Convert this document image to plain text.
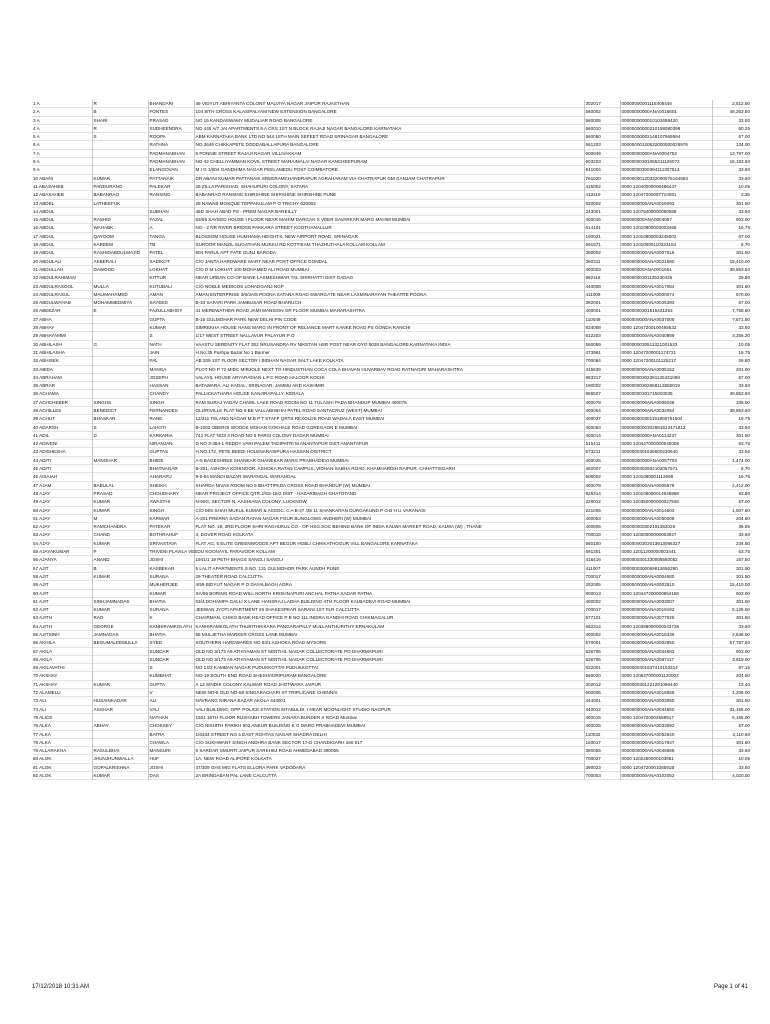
1 A	R	BHANDARI	49 VIDYUT ABHIYANTA COLONY MALVIYA NAGAR JAIPUR RAJASTHAN	302017	00000000001118405445	2,512.50
2 A	B	FONTES	104 8/TH CROSS KALASIPALYAM NEW EXTENSION BANGALORE	560002	00000000000ANA0016601	48,263.50
3 A	SHARI	PRASAD	NO 15 KANDASWAMY MUDALIAR ROAD BANGALORE	560005	0000000000010102659420	33.50
4 A	R	SUDHEENDRA	NO 445 A/7 JAI APARTMENTS 5 A CRS 1ST N BLOCK RAJAJI NAGAR BANGALORE KARNATAKA	560010	00000000000210158080399	50.25
5 A	S	ROOPA	ABM KARNATAKA BANK LTD NO 544 15TH MAIN SEFEET ROAD SRINAGAR BANGALORE	560050	00000000002148107969594	67.00
6 A		RATHNA	NO 3646 CHIKKAPETE DODDABALLAPURA BANGALORE	561203	00000000120532000000025976	134.00
7 A		PADMANABHAN	5 PONNIE STREET RAJAJI NAGAR VILLIVAKKAM	600049	00000000000ANA0004752	12,797.00
8 A		PADMANABHAN	NO 42 CHELLIYAMMAN KOVIL STREET MARAIMALAI NAGAR KANCHEEPURAM	603203	00000000301065311125072	16,193.50
9 A		ELANGOVAN	M I G 1/804 GANDHIMA NAGAR PEELAMEDU POST COIMBATORE	641004	00000000300394111307514	33.50
10 ABANI	KUMAR	PATTANAIK	DR ABANI KUMAR PATTANAIK SREERAMCHANDRAPUR AGRAHARAM VIA-CHATRAPUR GM GANJAM CHATRAPUR	761020	00000000120332000075164983	33.50
11 ABASAHEB	PANDURANG	PALEKAR	28 ZILLA PARISHAD, SHAHUPURI COLONY, SATARA	415002	0000 12040000008486447	10.05
12 ABASAHEB	BABANRAO	RANSING	BABANRAO RANSING SHIRSHINE SHIRSHINE SHIRSHINE PUNE	413110	0000 12047200057710081	3.35
13 ABDEL	LATHEEFUK		25 NAWAB MOSQUE TEPPAKULAM P O TRICHY 620002	620002	0000000000ANA0016093	301.50
14 ABDUL		SUBHAN	46D SHAH ABAD PS - PREM NAGAR BAREILLY	243001	0000 12078400000080558	33.50
15 ABDUL	RASHID	FAZAL	63/65 SAYEED HOUSE I FLOOR NEAR MAHIM DARGAH S VEER SAVARKAR MARG MAHIM MUMBAI	400016	000000000ANA0004067	603.00
16 ABDUL	WAHABK	A	NO - 2 NR RIVER BRIDGE PAKKARA STREET KOOTHANALLUR	614101	0000 12010900003003466	16.75
17 ABDUL	QAYOOM	TANGA	BLOSSOM HOUSE HUMHAMA HEIGHTS, NEW AIRPORT ROAD, SRINAGAR	190021	0000 12010800003245002	67.00
18 ABDUL	KAREEM	TB	SUROOR MANZIL SUGATHAN MUKKU RD KOTTIKAM THAZHUTHALA KOLLAM KOLLAM	691571	0000 12010000110323154	6.70
19 ABDUL	RASHIDABDULMAJID	PATEL	604 PARUL APT FATE GUNJ BARODA	390002	0000000000ANA0007616	301.50
20 ABDULALI	AKBERALI	SADIKOT	C/O JANTA HARDWARE MART NEAR POST OFFICE GONDAL	360311	0000000000ANA0021590	15,410.00
21 ABDULLAH	DAWOOD	LOKHAT	C/O D M LOKHAT 100 MOHAMED ALI ROAD MUMBAI	400003	000000000ANA0001651	39,853.50
22 ABDULRAHIMAN		KITTUR	NEAR URBAN CO-OP BANK LAXMESHWAR TAL SHIRHATTI DIST GADAG	582116	00000000301135230425	26.80
23 ABDULRASOOL	MULLA	KUTUBALI	C/O NOBLE MEDICOS LOHADGANJ NGP	440008	0000000000ANA0017054	301.50
24 ABDULRASUL	MALIMAHAMED	AMAN	AMAN ENTERPRISE 3/6/3A/8 POONA SATARA ROAD SWARGATE NEAR LAXMINARAYAN THEATRE POONA	411009	0000000000ANA0000074	670.00
25 ABDULWAHAB	MOHAMMEDMIYA	SAYEED	B-33 SAFARI PARK JAMBUSAR ROAD BHARUCH	392001	0000000000ANA0025393	67.00
26 ABEEZAR	E	FAZULLABHOY	41 MEREWATHER ROAD JAMI MANSION GR FLOOR MUMBAI MAHARASHTRA	400001	00000000301515421253	7,758.50
27 ABHA		GUPTA	B-16 GULMOHAR PARK NEW DELHI PIN CODE	110049	0000000000ANA0037005	7,671.50
28 ABHAY		KUMAR	SIMREKHA HOUSE HANS MARG IN FRONT OF RELIANCE MART KANKE ROAD PS GONDA RANCHI	834008	0000 12047200100485532	33.50
29 ABHAYAMMI		S	1/17 WEST STREET NALLAVUR PALAYUR P O	612203	0000000000ANA0040989	3,256.20
30 ABHILASH	G	NATH	VAASTU SERENITY FLAT 302 NRUSANDRA RV NIKETAN HSR POST NEAR OYO 9028 BANGALORE KARNATAKA INDIA	560059	0000000030511321001523	10.05
31 ABHILASHA		JAIN	H.No.35 Pushpa Bazar No 1 Barmer	473981	0000 12047200001174721	16.75
32 ABHISEK		PAL	AB 209 1ST FLOOR SECTOR I BIDHAN NAGAR SALT LAKE KOLKATA	700064	0000 12047200101125217	26.80
33 ABIDA		MANGA	PLOT NO P 72 MIDC MIRJOLE NEXT TO HINDUSTHAN COCA COLA BHAVAN HUVARBAV ROAD RATNAGIRI MAHARASHTRA	415639	0000000000ANA0005152	201.00
34 ABRAHAM		JOSEPH	VALAYIL HOUSE ARYARADIAN L.P.C ROAD HALOOR KOCHI	683317	00000000302391125431098	67.00
35 ABRAR		HASSAN	BATAWARA, ALI KADAL, SRINAGAR, JAMMU AND KASHMIR	190002	00000000302658113650019	33.50
36 ACHAMA		CHANDY	PALLICKATHARA HOUSE KANJIRAPALLY, KERALA	686507	00000000301715003035	39,853.50
37 ACHCHEBER	SINGHS	SINGH	RAM SURAJ YADAV CHAWL LAKE ROAD ROOM NO 11 TULASHI PADA BHANDUP MUMBAI 400078	400078	0000000000ANA0005048	335.00
38 ACHILLES	BENEDICT	FERNANDES	OLORIVILLE FLAT NO 6 BE VALLABHBHAI PATEL ROAD SANTACRUZ (WEST) MUMBAI	400054	0000000000ANA0032054	39,853.50
39 ACHUT	BHASKAR	RANE	12/311 TELANG NAGAR M B P T STAFF QRTS REXOLDS ROAD WADALA EAST MUMBAI	400037	000000000301191808751504	16.75
40 ADARSH	S	LAHOTI	B-1003 OBEROI WOODS MOHAN GOKHALE ROAD GOREGAON E MUMBAI	400063	0000000000302691513471812	33.50
41 ADIL	D	KARKARIA	742 FLAT NO3 3 ROAD NO 5 PARSI COLONY DADAR MUMBAI	400014	00000000000ANA0114237	301.50
42 ADIVENI		NIRANJAN	D NO 3-384-1 REDDY VARI PALEM TADIPATRI M ANANTAPUR DIST ANANTAPUR	515411	0000 120447000000540008	63.75
43 ADISHESHA		GUPTAS	H.NO.172, PETE BEEDI HOLENARASIPURA HASSAN DISTRICT	573211	0000000301636600230640	33.50
44 ADITI	MANOHAR	BHIDE	A-5 BAGESHREE SHANKAR GHANEKAR MARG PRABHADEVI MUMBAI	400025	00000000000ANA0057703	1,474.00
45 ADITI		BHATNAGAR	B-201, ASHOKA KOHINOOR, ASHOKA RATAN CAMPUS, VIDHAN SABHA ROAD, KHAMHARDIH RAIPUR, CHHATTISGARH	492007	0000000302602102057571	6.70
46 AISAIAH		AHARAPU	9-5-84 MANDI BAZAR WARANGAL WARANGAL	506002	0000 1201060001112698	16.75
47 AJAM	BABULAL	SHEIKH	SHARDA NIVAS ROOM NO 5 BHATTIPADA CROSS ROAD BHANDUP (W) MUMBAI	400078	0000000000ANA0006578	2,412.00
48 AJAY	PRASAD	CHOUDHARY	NEAR PROJECT OFFICE QTR.J/SS-15/2 DIST - HAZARIBAGH GHATOTAND	825314	0000 120108000014948898	93.80
49 AJAY	KUMAR	AWASTHI	N-50G, SECTOR N, AASHIANA COLONY, LUCKNOW	226012	0000 120350000000027536	67.00
50 AJAY	KUMAR	SINGH	C/O M/S SHAH MUKUL KUMAR & ASSOC. C A B-27 /35 11 SHANKARAN DURGAKUND P O B H U VARANASI	221005	0000000000ANA0014603	1,507.50
51 AJAY	M	KARWAR	A-201 PRERNA SADAN RATAN NAGAR FOUR BUNGLOWS ANDHERI (W) MUMBAI	400053	0000000000ANA0050008	204.50
52 AJAY	RAMCHANDRA	PATEKAR	FLAT NO. 19, 3RD FLOOR SHRI RAGHUKUL CO - OP HSG.SOC BEHIND BANK OF INDIA KALWA MARKET ROAD, KALWA (W) , THANE	400605	000000000302191353026	36.85
53 AJAY	CHAND	BOTHRAHUF	3, DOVER ROAD KOLKATA	700019	0000 12030000000003927	33.50
54 AJAY	KUMAR	SRIVASTAVA	FLAT AG, 5 ELITE GREENWOODS APT BEGUR HOBLI CHIKKATHOGUR VILL BANGALORE KARNATAKA	560100	00000000302013913086327	234.50
55 AJAYAKUMAR	P	TRIVENI PLAVILA VEEDU KOONAYIL PARAVOOR KOLLAM		691301	0000 12011200000003441	63.75
56 AJANYA	ANAND	JOSHI	1941/1 19 PETH BHAGS SANGLI SANGLI	416416	0000000301330005560052	167.50
57 AJIT	B	KASBEKAR	5 LALIT APARTMENTS,S.NO. 131 GULMOHOR PARK AUNDH PUNE	411007	0000000300069813656390	301.50
58 AJIT	KUMAR	SURANA	29 THEATER ROAD CALCUTTA	700017	0000000000ANA0004680	301.50
59 AJIT		MUKHERJEE	4/59 BIDYUT NAGAR P O DAYALBAGH AGRA	282005	0000000000ANA0003510	15,410.00
60 AJIT		KUMAR	SA/55 BORING ROAD WILL NORTH KRISHNAPURI ANCHAL PATNA SADAR PATNA	800013	0000 120447200000954158	603.00
61 AJIT	SINHJAMNADAS	BHATIA	53/4 DOHAMPA GALLI X LANE HANSRAJ LADHA BUILDING 4TH FLOOR KALBADEVI ROAD MUMBAI	400002	0000000000ANA0003007	301.50
62 AJIT	KUMAR	SURANA	JEEWAN JYOTI APARTMENT 29 SHAKESPEAR SARANI 1ST FLR CALCUTTA	700017	0000000000ANA0019192	5,125.50
63 AJITH	RAO	K	CHAIRMAN, CHIKO BANK HEAD OFFICE P B NO 111 INDIRA GANDHI ROAD CHIKMAGALUR	577101	0000000000ANA0077025	301.50
64 AJITH	GEORGE	KANHIRAMKOLATH	KANHIRAMKOLATH THURITHIKKARA PANGARAPILLY MULLANTHURITHY ERNAKULAM	682314	0000 120388000000043728	33.50
65 AJITSINH	JAMNADAS	BHATIA	56 MULJETHA MARKER CROSS LANE MUMBAI	400002	0000000000ANA0016336	2,546.00
66 AKHILA	BEGUMALEEMULLA	SYED	SOUTHERN HARDWARES NO 63/1 ASHOKA ROAD MYSORE	570001	0000000000ANA0002950	57,787.50
67 AKILA		SUNDAR	OLD NO 3/172 A6 ATHIYAMAN ST SENTHIL NAGAR COLLECTORATE PO DHARMAPURI	636705	0000000000ANA0044683	603.00
68 AKILA		SUNDAR	OLD NO 3/172 A6 ATHIYAMAN ST SENTHIL NAGAR COLLECTORATE PO DHARMAPURI	636705	0000000000ANA0067117	3,819.00
69 AKILAVATHI		S	NO 14/2 KAMBAN NAGAR PUDUKKOTTAI PUDUKKOTTAI	622001	0000000301637410103314	97.15
70 AKSHAY		KUMBHAT	NO-19 SOUTH END ROAD SHESHADRIPURAM BANGALORE	560020	0000 120647000001120003	204.50
71 AKSHAY	KUMAR	GUPTA	A 12 SINDHI COLONY KALWAR ROAD JHOTWARA JAIPUR	302012	0000000301221291096440	13.40
72 ALAMELU		V	NEW NO-6 OLD NO-58 SINGARACHARI ST TRIPLICANE CHENNAI	600005	0000000000ANA0016558	1,206.00
73 ALI	HUSAINKADAR	ALI	NAVRANG NIRANA BAZAR AKOLA 444001	444001	0000000000ANA0003050	301.50
74 ALI	ASGHAR	VALI	VALI BUILDING, OPP. POLICE STATION SITABULDI, I NEAR MOONLIGHT STUDIO NAGPUR	440012	0000000000ANA0044650	31,155.00
75 ALICE		NATHAN	1601 16TH FLOOR RUSHABH TOWERS JANARA BUNDER X ROAD Mumbai	400015	0000 1204720002558517	6,165.00
76 ALKA	ABHAY	CHOKSEY	C/O NISHITH PARIKH 603 ANKUR BUILDING K G MARG PRABHADEVI MUMBAI	400025	0000000000ANA0033092	67.00
77 ALKA		BATRA	1/6334 STREET NO 4 EAST ROHTAS NAGAR SHADRA DELHI	110032	0000000000ANA0052540	2,110.50
78 ALKA		CHAWLA	C/O SUKHWANT SINGH ANDHRA BANK SECTOR 17-D CHANDIGARH 160 017	160017	0000000000ANA0017947	301.50
79 ALLARAKHA	RASULBHAI	MANSURI	5 SARDAR SMURTI JAIPUR SARKHEJ ROAD AHMEDABAD 380055	380055	0000000000ANA0046665	33.50
80 ALOK	JHUNJHUNWALLA	HUF	1A, NEW ROAD ALIPORE KOLKATA	700027	0000 1202250000103951	10.05
81 ALOK	GOPALKRISHNA	JOSHI	47/309 GHS MIG FLATS ELLORA PARK VADODARA	390023	0000 120472000108591B	33.50
82 ALOK	KUMAR	DAS	2A BRINDABAN PAL LANE CALCUTTA	700003	0000000000ANA0102052	4,020.00
17/12/2018 10:31 AM	Page 1 of 41
